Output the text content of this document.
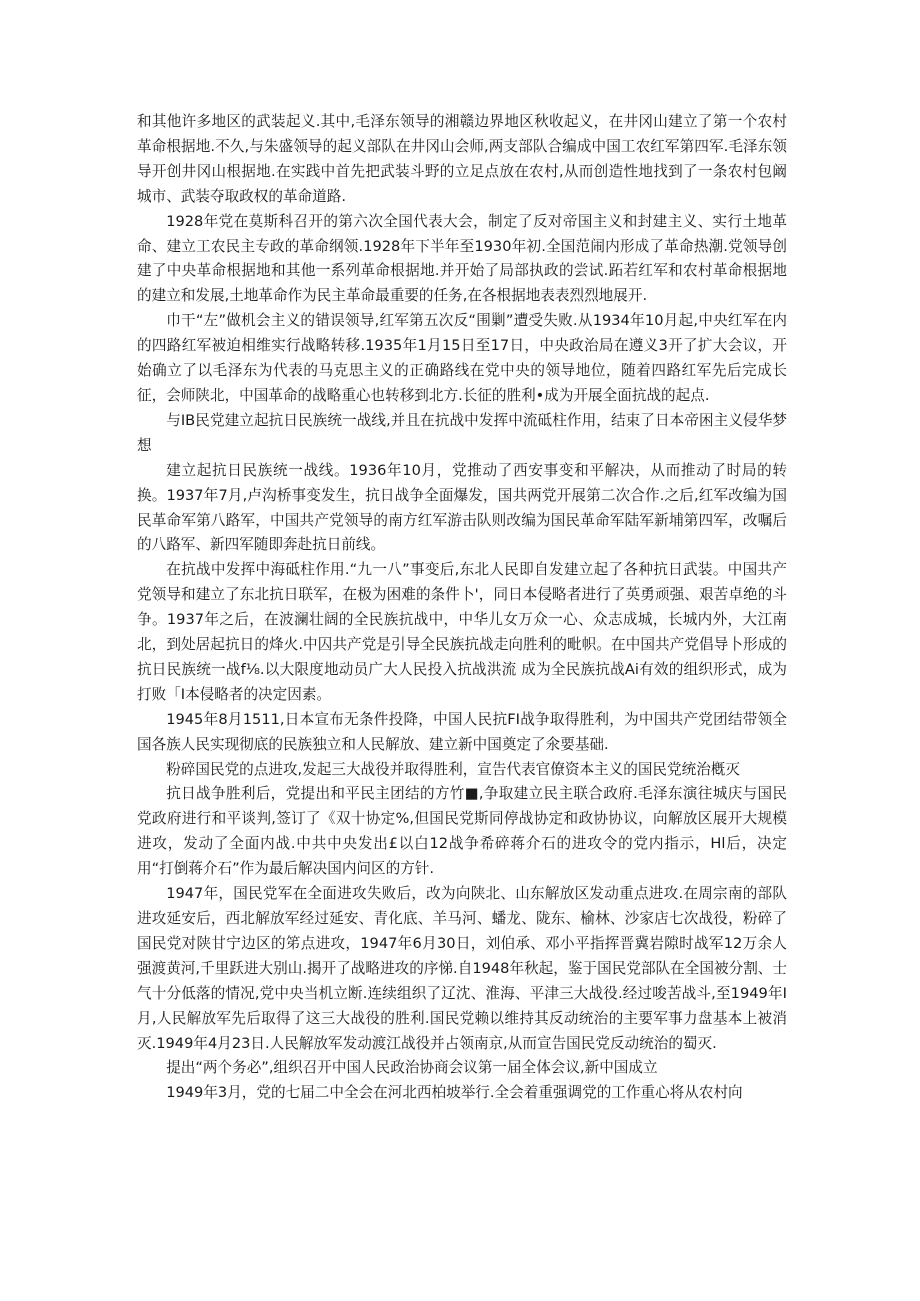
和其他许多地区的武装起义.其中,毛泽东领导的湘赣边界地区秋收起义，在井冈山建立了第一个农村革命根据地.不久,与朱盛领导的起义部队在井冈山会师,两支部队合编成中国工农红军第四军.毛泽东领导开创井冈山根据地.在实践中首先把武装斗野的立足点放在农村,从而创造性地找到了一条农村包阚城市、武装夺取政权的革命道路.

1928年党在莫斯科召开的第六次全国代表大会，制定了反对帝国主义和封建主义、实行土地革命、建立工农民主专政的革命纲领.1928年下半年至1930年初.全国范闹内形成了革命热潮.党领导创建了中央革命根据地和其他一系列革命根据地.并开始了局部执政的尝试.跖若红军和农村革命根据地的建立和发展,土地革命作为民主革命最重要的任务,在各根据地表表烈烈地展开.

巾干“左”做机会主义的错误领导,红军第五次反“围剿”遭受失败.从1934年10月起,中央红军在内的四路红军被迫相维实行战略转移.1935年1月15日至17日，中央政治局在遵义3开了扩大会议，开始确立了以毛泽东为代表的马克思主义的正确路线在党中央的领导地位，随着四路红军先后完成长征，会师陕北，中国革命的战略重心也转移到北方.长征的胜利•成为开展全面抗战的起点.

与IB民党建立起抗日民族统一战线,并且在抗战中发挥中流砥柱作用，结束了日本帝困主义侵华梦想

建立起抗日民族统一战线。1936年10月，党推动了西安事变和平解决，从而推动了时局的转换。1937年7月,卢沟桥事变发生，抗日战争全面爆发，国共两党开展第二次合作.之后,红军改编为国民革命军第八路军，中国共产党领导的南方红军游击队则改编为国民革命军陆军新埔第四军，改嘱后的八路军、新四军随即奔赴抗日前线。

在抗战中发挥中海砥柱作用.“九一八”事变后,东北人民即自发建立起了各种抗日武装。中国共产党领导和建立了东北抗日联军，在极为困难的条件卜'，同日本侵略者进行了英勇顽强、艰苦卓绝的斗争。1937年之后，在波澜壮阔的全民族抗战中，中华儿女万众一心、众志成城，长城内外，大江南北，到处居起抗日的烽火.中囚共产党是引导全民族抗战走向胜利的毗帜。在中国共产党倡导卜形成的抗日民族统一战f⅛.以大限度地动员广大人民投入抗战洪流 成为全民族抗战Ai有效的组织形式，成为打败「I本侵略者的决定因素。

1945年8月1511,日本宣布无条件投降，中国人民抗FI战争取得胜利，为中国共产党团结带领全国各族人民实现彻底的民族独立和人民解放、建立新中国奠定了氽要基础.

粉碎国民党的点进攻,发起三大战役并取得胜利，宣告代表官僚资本主义的国民党统治槪灭

抗日战争胜利后，党提出和平民主团结的方竹■,争取建立民主联合政府.毛泽东演往城庆与国民党政府进行和平谈判,签订了《双十协定%,但国民党斯同停战协定和政协协议，向解放区展开大规模进攻，发动了全面内战.中共中央发出£以白12战争希碎蒋介石的进攻令的党内指示，Hl后，决定用“打倒蒋介石”作为最后解决国内问区的方针.

1947年，国民党军在全面进攻失败后，改为向陕北、山东解放区发动重点进攻.在周宗南的部队进攻延安后，西北解放军经过延安、青化底、羊马河、蟠龙、陇东、榆林、沙家店七次战役，粉碎了国民党对陕甘宁边区的笫点进攻，1947年6月30日，刘伯承、邓小平指挥晋冀岩隙时战军12万余人强渡黄河,千里跃进大别山.揭开了战略进攻的序悌.自1948年秋起，鉴于国民党部队在全国被分割、士气十分低落的情况,党中央当机立断.连续组织了辽沈、淮海、平津三大战役.经过唆苦战斗,至1949年I月,人民解放军先后取得了这三大战役的胜利.国民党赖以维持其反动统治的主要军事力盘基本上被消灭.1949年4月23日.人民解放军发动渡江战役并占领南京,从而宣告国民党反动统治的蜀灭.

提出“两个务必”,组织召开中国人民政治协商会议第一届全体会议,新中国成立

1949年3月，党的七届二中全会在河北西柏坡举行.全会着重强调党的工作重心将从农村向
